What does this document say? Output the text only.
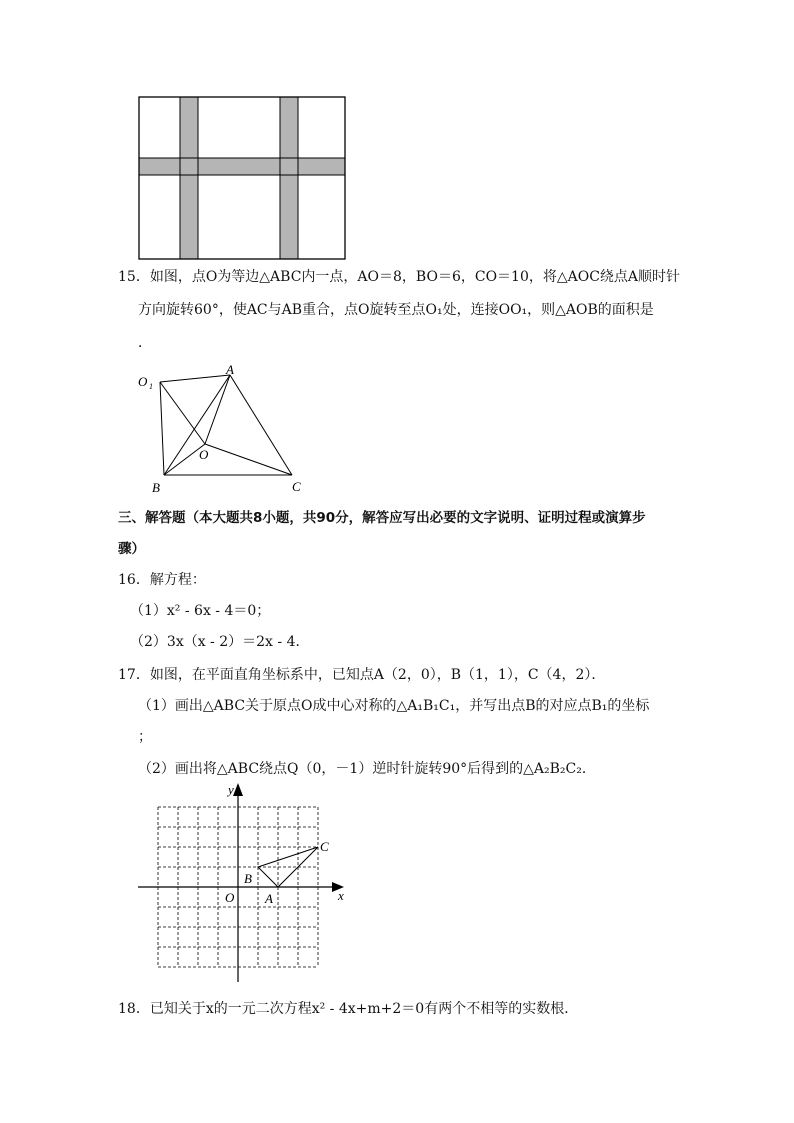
15．如图，点O为等边△ABC内一点，AO＝8，BO＝6，CO＝10，将△AOC绕点A顺时针
方向旋转60°，使AC与AB重合，点O旋转至点O₁处，连接OO₁，则△AOB的面积是
．
A
B	C
O
O 1
三、解答题（本大题共8小题，共90分，解答应写出必要的文字说明、证明过程或演算步
骤）
16．解方程：
（1）x² - 6x - 4＝0；
（2）3x（x - 2）＝2x - 4．
17．如图，在平面直角坐标系中，已知点A（2，0），B（1，1），C（4，2）．
（1）画出△ABC关于原点O成中心对称的△A₁B₁C₁，并写出点B的对应点B₁的坐标
；
（2）画出将△ABC绕点Q（0，－1）逆时针旋转90°后得到的△A₂B₂C₂．
x
y
O A
B
C
18．已知关于x的一元二次方程x² - 4x+m+2＝0有两个不相等的实数根．
